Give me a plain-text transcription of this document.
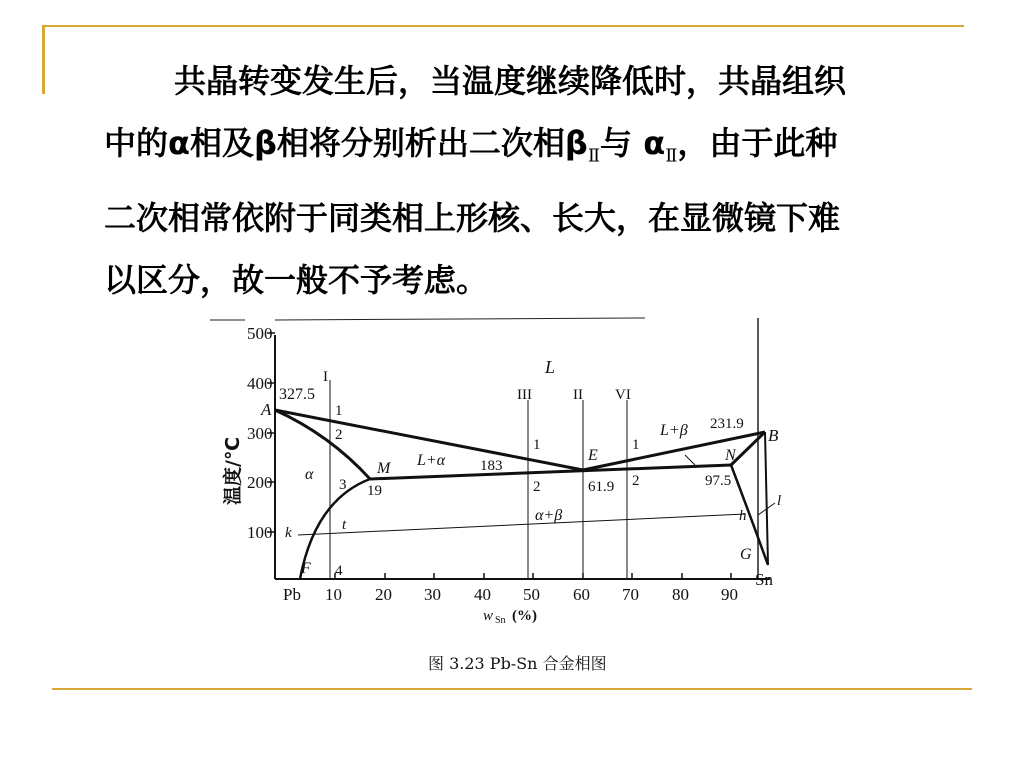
共晶转变发生后，当温度继续降低时，共晶组织
中的α相及β相将分别析出二次相$\beta_Ⅱ$与 $\alpha_Ⅱ$，由于此种
二次相常依附于同类相上形核、长大，在显微镜下难
以区分，故一般不予考虑。
500
400
300
200
100
温度/℃
Pb 10 20 30 40 50 60 70 80 90
Sn
w Sn (%)
L
I
III	II VI
327.5
A	1
2
3
4
α	M
19
L+α 183
1
2
E
61.9
1
2
L+β 231.9
B
N
97.5
α+β
k	t
h
l
G
F
图 3.23 Pb-Sn 合金相图
